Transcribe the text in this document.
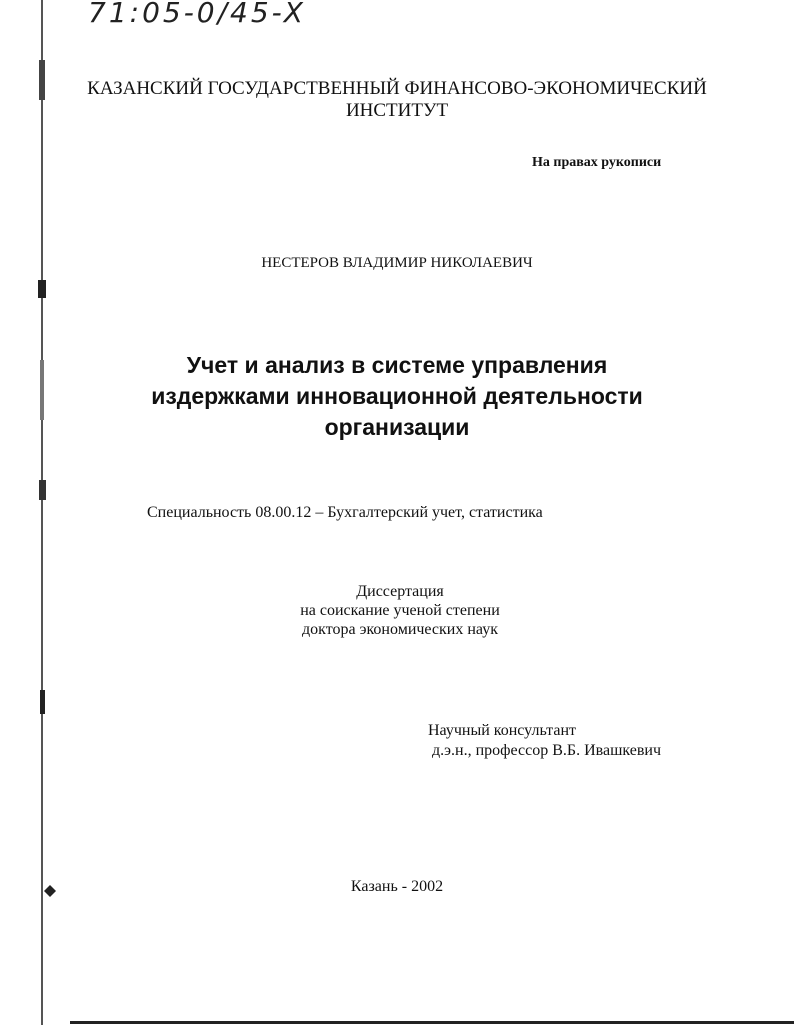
71:05-0/45-X
КАЗАНСКИЙ ГОСУДАРСТВЕННЫЙ ФИНАНСОВО-ЭКОНОМИЧЕСКИЙ
ИНСТИТУТ
На правах рукописи
НЕСТЕРОВ ВЛАДИМИР НИКОЛАЕВИЧ
Учет и анализ в системе управления
издержками инновационной деятельности
организации
Специальность 08.00.12 – Бухгалтерский учет, статистика
Диссертация
на соискание ученой степени
доктора экономических наук
Научный консультант
д.э.н., профессор В.Б. Ивашкевич
Казань - 2002
